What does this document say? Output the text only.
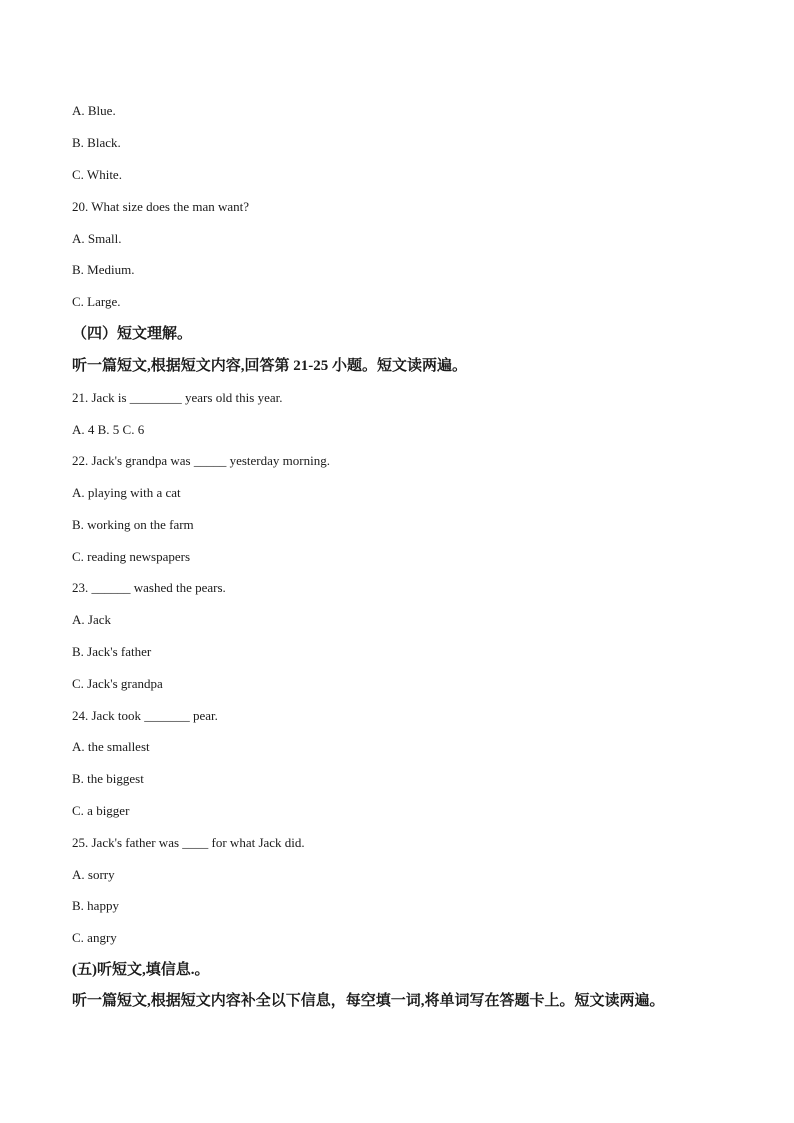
A. Blue.
B. Black.
C. White.
20. What size does the man want?
A. Small.
B. Medium.
C. Large.
（四）短文理解。
听一篇短文,根据短文内容,回答第 21-25 小题。短文读两遍。
21. Jack is ________ years old this year.
A. 4 B. 5 C. 6
22. Jack's grandpa was _____ yesterday morning.
A. playing with a cat
B. working on the farm
C. reading newspapers
23. ______ washed the pears.
A. Jack
B. Jack's father
C. Jack's grandpa
24. Jack took _______ pear.
A. the smallest
B. the biggest
C. a bigger
25. Jack's father was ____ for what Jack did.
A. sorry
B. happy
C. angry
(五)听短文,填信息.。
听一篇短文,根据短文内容补全以下信息，每空填一词,将单词写在答题卡上。短文读两遍。
